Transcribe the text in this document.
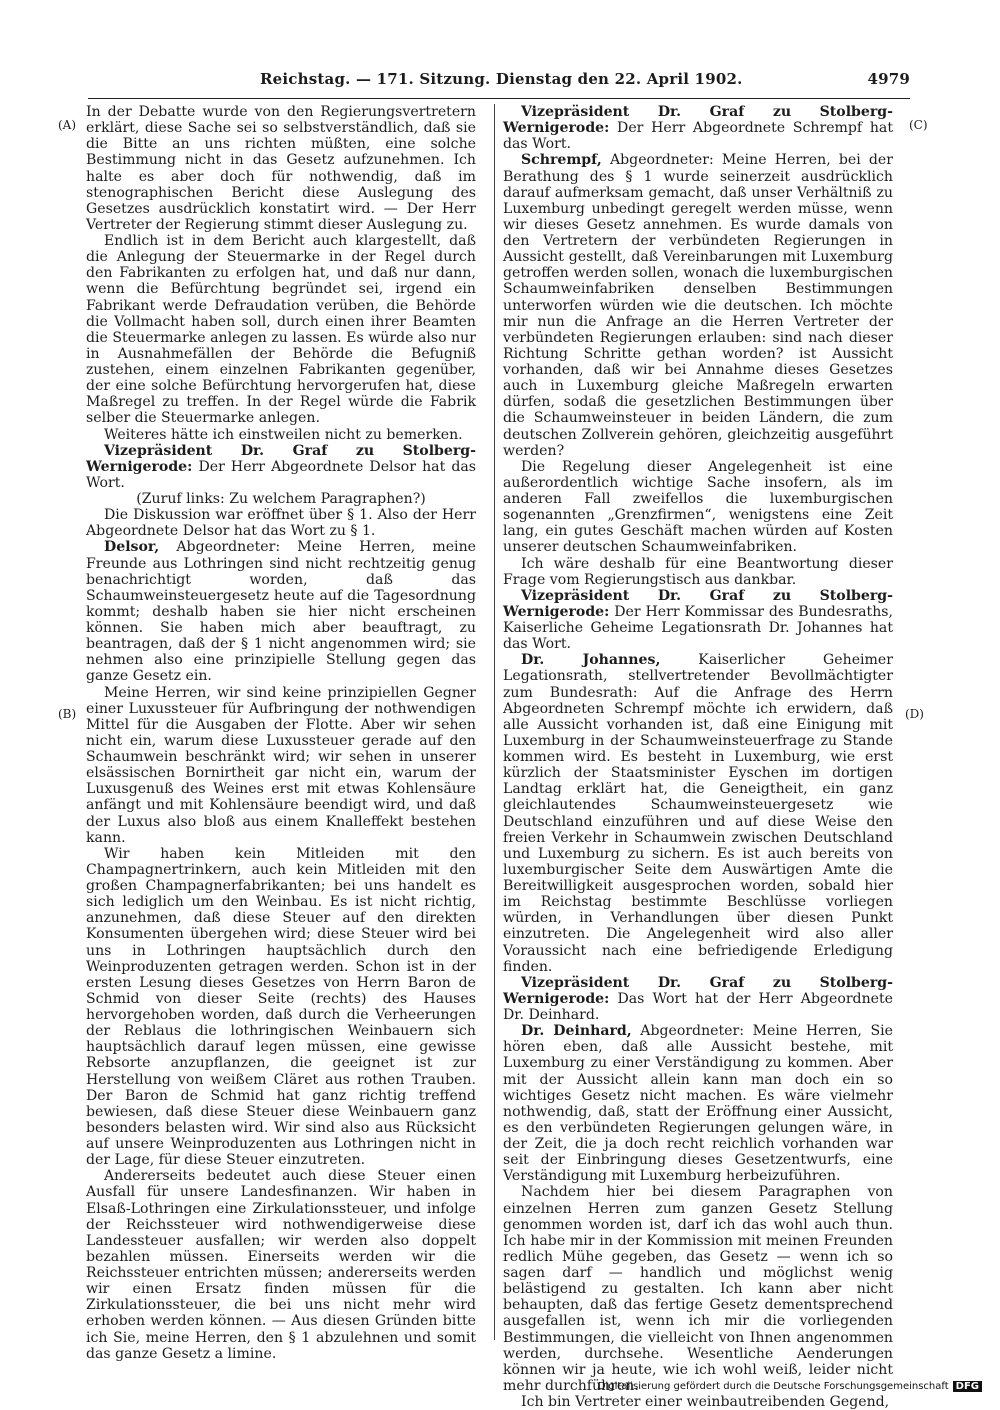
Reichstag. — 171. Sitzung. Dienstag den 22. April 1902.	4979
(A)
(B)
(C)
(D)

In der Debatte wurde von den Regierungsvertretern erklärt, diese Sache sei so selbstverständlich, daß sie die Bitte an uns richten müßten, eine solche Bestimmung nicht in das Gesetz aufzunehmen. Ich halte es aber doch für nothwendig, daß im stenographischen Bericht diese Auslegung des Gesetzes ausdrücklich konstatirt wird. — Der Herr Vertreter der Regierung stimmt dieser Auslegung zu.

Endlich ist in dem Bericht auch klargestellt, daß die Anlegung der Steuermarke in der Regel durch den Fabrikanten zu erfolgen hat, und daß nur dann, wenn die Befürchtung begründet sei, irgend ein Fabrikant werde Defraudation verüben, die Behörde die Vollmacht haben soll, durch einen ihrer Beamten die Steuermarke anlegen zu lassen. Es würde also nur in Ausnahmefällen der Behörde die Befugniß zustehen, einem einzelnen Fabrikanten gegenüber, der eine solche Befürchtung hervorgerufen hat, diese Maßregel zu treffen. In der Regel würde die Fabrik selber die Steuermarke anlegen.

Weiteres hätte ich einstweilen nicht zu bemerken.

Vizepräsident Dr. Graf zu Stolberg-Wernigerode: Der Herr Abgeordnete Delsor hat das Wort.

(Zuruf links: Zu welchem Paragraphen?)

Die Diskussion war eröffnet über § 1. Also der Herr Abgeordnete Delsor hat das Wort zu § 1.

Delsor, Abgeordneter: Meine Herren, meine Freunde aus Lothringen sind nicht rechtzeitig genug benachrichtigt worden, daß das Schaumweinsteuergesetz heute auf die Tagesordnung kommt; deshalb haben sie hier nicht erscheinen können. Sie haben mich aber beauftragt, zu beantragen, daß der § 1 nicht angenommen wird; sie nehmen also eine prinzipielle Stellung gegen das ganze Gesetz ein.

Meine Herren, wir sind keine prinzipiellen Gegner einer Luxussteuer für Aufbringung der nothwendigen Mittel für die Ausgaben der Flotte. Aber wir sehen nicht ein, warum diese Luxussteuer gerade auf den Schaumwein beschränkt wird; wir sehen in unserer elsässischen Bornirtheit gar nicht ein, warum der Luxusgenuß des Weines erst mit etwas Kohlensäure anfängt und mit Kohlensäure beendigt wird, und daß der Luxus also bloß aus einem Knalleffekt bestehen kann.

Wir haben kein Mitleiden mit den Champagnertrinkern, auch kein Mitleiden mit den großen Champagnerfabrikanten; bei uns handelt es sich lediglich um den Weinbau. Es ist nicht richtig, anzunehmen, daß diese Steuer auf den direkten Konsumenten übergehen wird; diese Steuer wird bei uns in Lothringen hauptsächlich durch den Weinproduzenten getragen werden. Schon ist in der ersten Lesung dieses Gesetzes von Herrn Baron de Schmid von dieser Seite (rechts) des Hauses hervorgehoben worden, daß durch die Verheerungen der Reblaus die lothringischen Weinbauern sich hauptsächlich darauf legen müssen, eine gewisse Rebsorte anzupflanzen, die geeignet ist zur Herstellung von weißem Cläret aus rothen Trauben. Der Baron de Schmid hat ganz richtig treffend bewiesen, daß diese Steuer diese Weinbauern ganz besonders belasten wird. Wir sind also aus Rücksicht auf unsere Weinproduzenten aus Lothringen nicht in der Lage, für diese Steuer einzutreten.

Andererseits bedeutet auch diese Steuer einen Ausfall für unsere Landesfinanzen. Wir haben in Elsaß-Lothringen eine Zirkulationssteuer, und infolge der Reichssteuer wird nothwendigerweise diese Landessteuer ausfallen; wir werden also doppelt bezahlen müssen. Einerseits werden wir die Reichssteuer entrichten müssen; andererseits werden wir einen Ersatz finden müssen für die Zirkulationssteuer, die bei uns nicht mehr wird erhoben werden können. — Aus diesen Gründen bitte ich Sie, meine Herren, den § 1 abzulehnen und somit das ganze Gesetz a limine.

Vizepräsident Dr. Graf zu Stolberg-Wernigerode: Der Herr Abgeordnete Schrempf hat das Wort.

Schrempf, Abgeordneter: Meine Herren, bei der Berathung des § 1 wurde seinerzeit ausdrücklich darauf aufmerksam gemacht, daß unser Verhältniß zu Luxemburg unbedingt geregelt werden müsse, wenn wir dieses Gesetz annehmen. Es wurde damals von den Vertretern der verbündeten Regierungen in Aussicht gestellt, daß Vereinbarungen mit Luxemburg getroffen werden sollen, wonach die luxemburgischen Schaumweinfabriken denselben Bestimmungen unterworfen würden wie die deutschen. Ich möchte mir nun die Anfrage an die Herren Vertreter der verbündeten Regierungen erlauben: sind nach dieser Richtung Schritte gethan worden? ist Aussicht vorhanden, daß wir bei Annahme dieses Gesetzes auch in Luxemburg gleiche Maßregeln erwarten dürfen, sodaß die gesetzlichen Bestimmungen über die Schaumweinsteuer in beiden Ländern, die zum deutschen Zollverein gehören, gleichzeitig ausgeführt werden?

Die Regelung dieser Angelegenheit ist eine außerordentlich wichtige Sache insofern, als im anderen Fall zweifellos die luxemburgischen sogenannten „Grenzfirmen“, wenigstens eine Zeit lang, ein gutes Geschäft machen würden auf Kosten unserer deutschen Schaumweinfabriken.

Ich wäre deshalb für eine Beantwortung dieser Frage vom Regierungstisch aus dankbar.

Vizepräsident Dr. Graf zu Stolberg-Wernigerode: Der Herr Kommissar des Bundesraths, Kaiserliche Geheime Legationsrath Dr. Johannes hat das Wort.

Dr. Johannes,	Kaiserlicher Geheimer Legationsrath, stellvertretender Bevollmächtigter zum Bundesrath: Auf die Anfrage des Herrn Abgeordneten Schrempf möchte ich erwidern, daß alle Aussicht vorhanden ist, daß eine Einigung mit Luxemburg in der Schaumweinsteuerfrage zu Stande kommen wird. Es besteht in Luxemburg, wie erst kürzlich der Staatsminister Eyschen im dortigen Landtag erklärt hat, die Geneigtheit, ein ganz gleichlautendes Schaumweinsteuergesetz wie Deutschland einzuführen und auf diese Weise den freien Verkehr in Schaumwein zwischen Deutschland und Luxemburg zu sichern. Es ist auch bereits von luxemburgischer Seite dem Auswärtigen Amte die Bereitwilligkeit ausgesprochen worden, sobald hier im Reichstag bestimmte Beschlüsse vorliegen würden, in Verhandlungen über diesen Punkt einzutreten. Die Angelegenheit wird also aller Voraussicht nach eine befriedigende Erledigung finden.

Vizepräsident Dr. Graf zu Stolberg-Wernigerode: Das Wort hat der Herr Abgeordnete Dr. Deinhard.

Dr. Deinhard, Abgeordneter: Meine Herren, Sie hören eben, daß alle Aussicht bestehe, mit Luxemburg zu einer Verständigung zu kommen. Aber mit der Aussicht allein kann man doch ein so wichtiges Gesetz nicht machen. Es wäre vielmehr nothwendig, daß, statt der Eröffnung einer Aussicht, es den verbündeten Regierungen gelungen wäre, in der Zeit, die ja doch recht reichlich vorhanden war seit der Einbringung dieses Gesetzentwurfs, eine Verständigung mit Luxemburg herbeizuführen.

Nachdem hier bei diesem Paragraphen von einzelnen Herren zum ganzen Gesetz Stellung genommen worden ist, darf ich das wohl auch thun. Ich habe mir in der Kommission mit meinen Freunden redlich Mühe gegeben, das Gesetz — wenn ich so sagen darf — handlich und möglichst wenig belästigend zu gestalten. Ich kann aber nicht behaupten, daß das fertige Gesetz dementsprechend ausgefallen ist, wenn ich mir die vorliegenden Bestimmungen, die vielleicht von Ihnen angenommen werden, durchsehe. Wesentliche Aenderungen können wir ja heute, wie ich wohl weiß, leider nicht mehr durchführen.

Ich bin Vertreter einer weinbautreibenden Gegend,

Digitalisierung gefördert durch die Deutsche Forschungsgemeinschaft DFG
